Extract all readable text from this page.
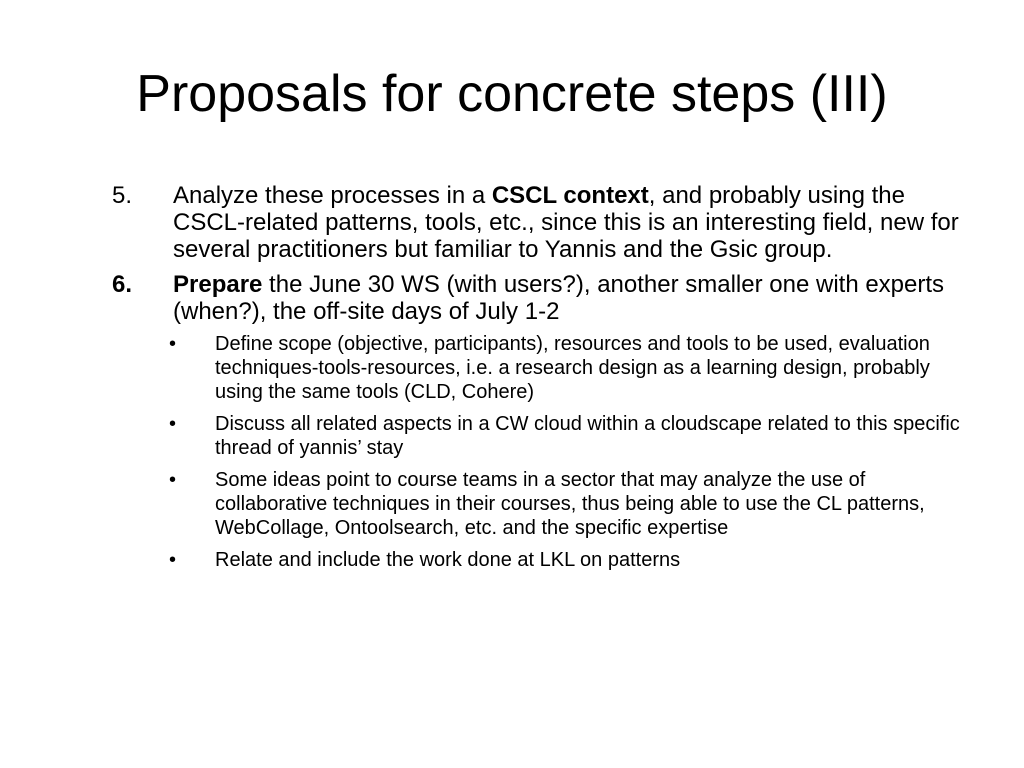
Proposals for concrete steps (III)
5. Analyze these processes in a CSCL context, and probably using the CSCL-related patterns, tools, etc., since this is an interesting field, new for several practitioners but familiar to Yannis and the Gsic group.
6. Prepare the June 30 WS (with users?), another smaller one with experts (when?), the off-site days of July 1-2
• Define scope (objective, participants), resources and tools to be used, evaluation techniques-tools-resources, i.e. a research design as a learning design, probably using the same tools (CLD, Cohere)
• Discuss all related aspects in a CW cloud within a cloudscape related to this specific thread of yannis’ stay
• Some ideas point to course teams in a sector that may analyze the use of collaborative techniques in their courses, thus being able to use the CL patterns, WebCollage, Ontoolsearch, etc. and the specific expertise
• Relate and include the work done at LKL on patterns
